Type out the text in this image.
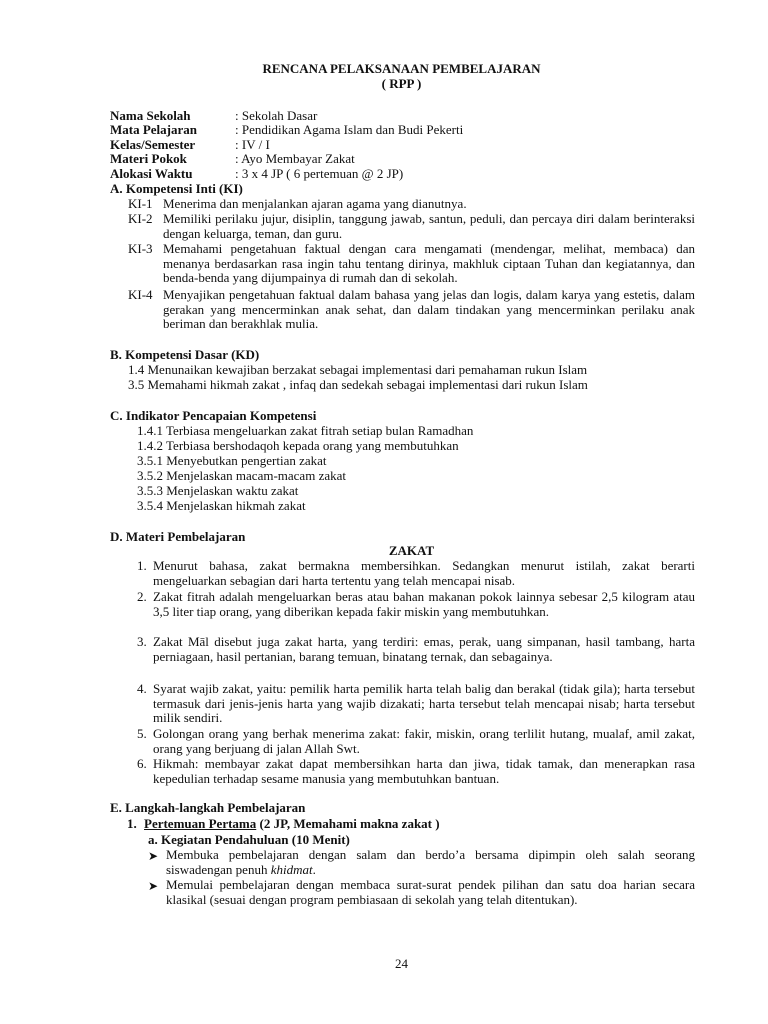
RENCANA PELAKSANAAN PEMBELAJARAN
( RPP )
Nama Sekolah	: Sekolah Dasar
Mata Pelajaran	: Pendidikan Agama Islam dan Budi Pekerti
Kelas/Semester	: IV / I
Materi Pokok	: Ayo Membayar Zakat
Alokasi Waktu	: 3 x 4 JP ( 6 pertemuan @ 2 JP)
A. Kompetensi Inti (KI)
KI-1 Menerima dan menjalankan ajaran agama yang dianutnya.
KI-2 Memiliki perilaku jujur, disiplin, tanggung jawab, santun, peduli, dan percaya diri dalam berinteraksi dengan keluarga, teman, dan guru.
KI-3 Memahami pengetahuan faktual dengan cara mengamati (mendengar, melihat, membaca) dan menanya berdasarkan rasa ingin tahu tentang dirinya, makhluk ciptaan Tuhan dan kegiatannya, dan benda-benda yang dijumpainya di rumah dan di sekolah.
KI-4 Menyajikan pengetahuan faktual dalam bahasa yang jelas dan logis, dalam karya yang estetis, dalam gerakan yang mencerminkan anak sehat, dan dalam tindakan yang mencerminkan perilaku anak beriman dan berakhlak mulia.
B. Kompetensi Dasar (KD)
1.4 Menunaikan kewajiban berzakat sebagai implementasi dari pemahaman rukun Islam
3.5 Memahami hikmah zakat , infaq dan sedekah sebagai implementasi dari rukun Islam
C. Indikator Pencapaian Kompetensi
1.4.1 Terbiasa mengeluarkan zakat fitrah setiap bulan Ramadhan
1.4.2 Terbiasa bershodaqoh kepada orang yang membutuhkan
3.5.1 Menyebutkan pengertian zakat
3.5.2 Menjelaskan macam-macam zakat
3.5.3 Menjelaskan waktu zakat
3.5.4 Menjelaskan hikmah zakat
D. Materi Pembelajaran
ZAKAT
1. Menurut bahasa, zakat bermakna membersihkan. Sedangkan menurut istilah, zakat berarti mengeluarkan sebagian dari harta tertentu yang telah mencapai nisab.
2. Zakat fitrah adalah mengeluarkan beras atau bahan makanan pokok lainnya sebesar 2,5 kilogram atau 3,5 liter tiap orang, yang diberikan kepada fakir miskin yang membutuhkan.
3. Zakat Māl disebut juga zakat harta, yang terdiri: emas, perak, uang simpanan, hasil tambang, harta perniagaan, hasil pertanian, barang temuan, binatang ternak, dan sebagainya.
4. Syarat wajib zakat, yaitu: pemilik harta pemilik harta telah balig dan berakal (tidak gila); harta tersebut termasuk dari jenis-jenis harta yang wajib dizakati; harta tersebut telah mencapai nisab; harta tersebut milik sendiri.
5. Golongan orang yang berhak menerima zakat: fakir, miskin, orang terlilit hutang, mualaf, amil zakat, orang yang berjuang di jalan Allah Swt.
6. Hikmah: membayar zakat dapat membersihkan harta dan jiwa, tidak tamak, dan menerapkan rasa kepedulian terhadap sesame manusia yang membutuhkan bantuan.
E. Langkah-langkah Pembelajaran
1. Pertemuan Pertama (2 JP, Memahami makna zakat )
a. Kegiatan Pendahuluan (10 Menit)
➤ Membuka pembelajaran dengan salam dan berdo’a bersama dipimpin oleh salah seorang siswadengan penuh khidmat.
➤ Memulai pembelajaran dengan membaca surat-surat pendek pilihan dan satu doa harian secara klasikal (sesuai dengan program pembiasaan di sekolah yang telah ditentukan).
24
